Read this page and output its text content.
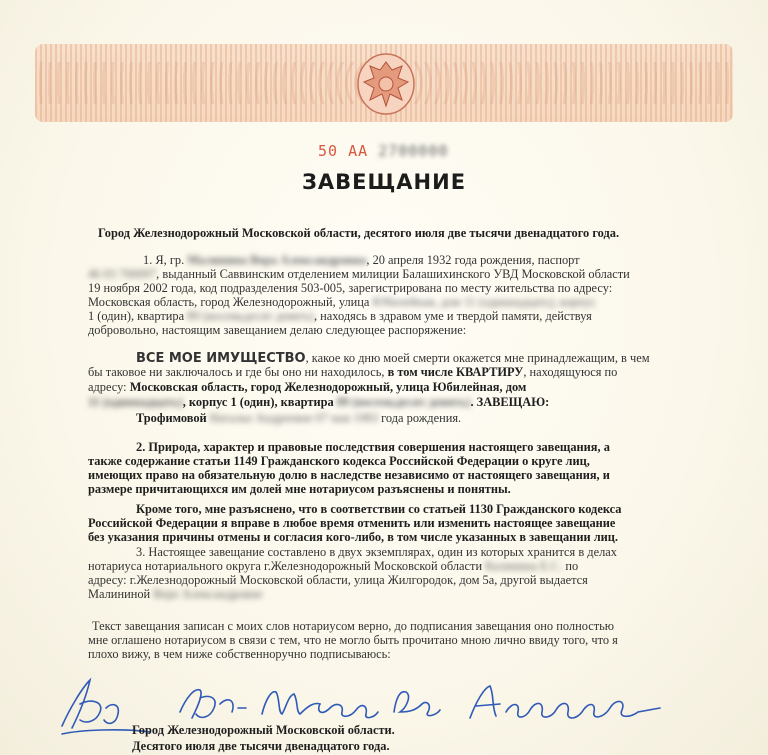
50 АА 2700000
ЗАВЕЩАНИЕ
Город Железнодорожный Московской области, десятого июля две тысячи двенадцатого года.
1. Я, гр. Малинина Вера Александровна, 20 апреля 1932 года рождения, паспорт
46 03 700097, выданный Саввинским отделением милиции Балашихинского УВД Московской области
19 ноября 2002 года, код подразделения 503-005, зарегистрирована по месту жительства по адресу:
Московская область, город Железнодорожный, улица Юбилейная, дом 11 (одиннадцать), корпус
1 (один), квартира 89 (восемьдесят девять), находясь в здравом уме и твердой памяти, действуя
добровольно, настоящим завещанием делаю следующее распоряжение:
ВСЕ МОЕ ИМУЩЕСТВО, какое ко дню моей смерти окажется мне принадлежащим, в чем
бы таковое ни заключалось и где бы оно ни находилось, в том числе КВАРТИРУ, находящуюся по
адресу: Московская область, город Железнодорожный, улица Юбилейная, дом
11 (одиннадцать), корпус 1 (один), квартира 89 (восемьдесят девять). ЗАВЕЩАЮ:
Трофимовой Наталье Андреевне 07 мая 1983 года рождения.
2. Природа, характер и правовые последствия совершения настоящего завещания, а
также содержание статьи 1149 Гражданского кодекса Российской Федерации о круге лиц,
имеющих право на обязательную долю в наследстве независимо от настоящего завещания, и
размере причитающихся им долей мне нотариусом разъяснены и понятны.
Кроме того, мне разъяснено, что в соответствии со статьей 1130 Гражданского кодекса
Российской Федерации я вправе в любое время отменить или изменить настоящее завещание
без указания причины отмены и согласия кого-либо, в том числе указанных в завещании лиц.
3. Настоящее завещание составлено в двух экземплярах, один из которых хранится в делах
нотариуса нотариального округа г.Железнодорожный Московской области Калинина Е.С. по
адресу: г.Железнодорожный Московской области, улица Жилгородок, дом 5а, другой выдается
Малининой Вере Александровне
Текст завещания записан с моих слов нотариусом верно, до подписания завещания оно полностью
мне оглашено нотариусом в связи с тем, что не могло быть прочитано мною лично ввиду того, что я
плохо вижу, в чем ниже собственноручно подписываюсь:
Город Железнодорожный Московской области.
Десятого июля две тысячи двенадцатого года.
